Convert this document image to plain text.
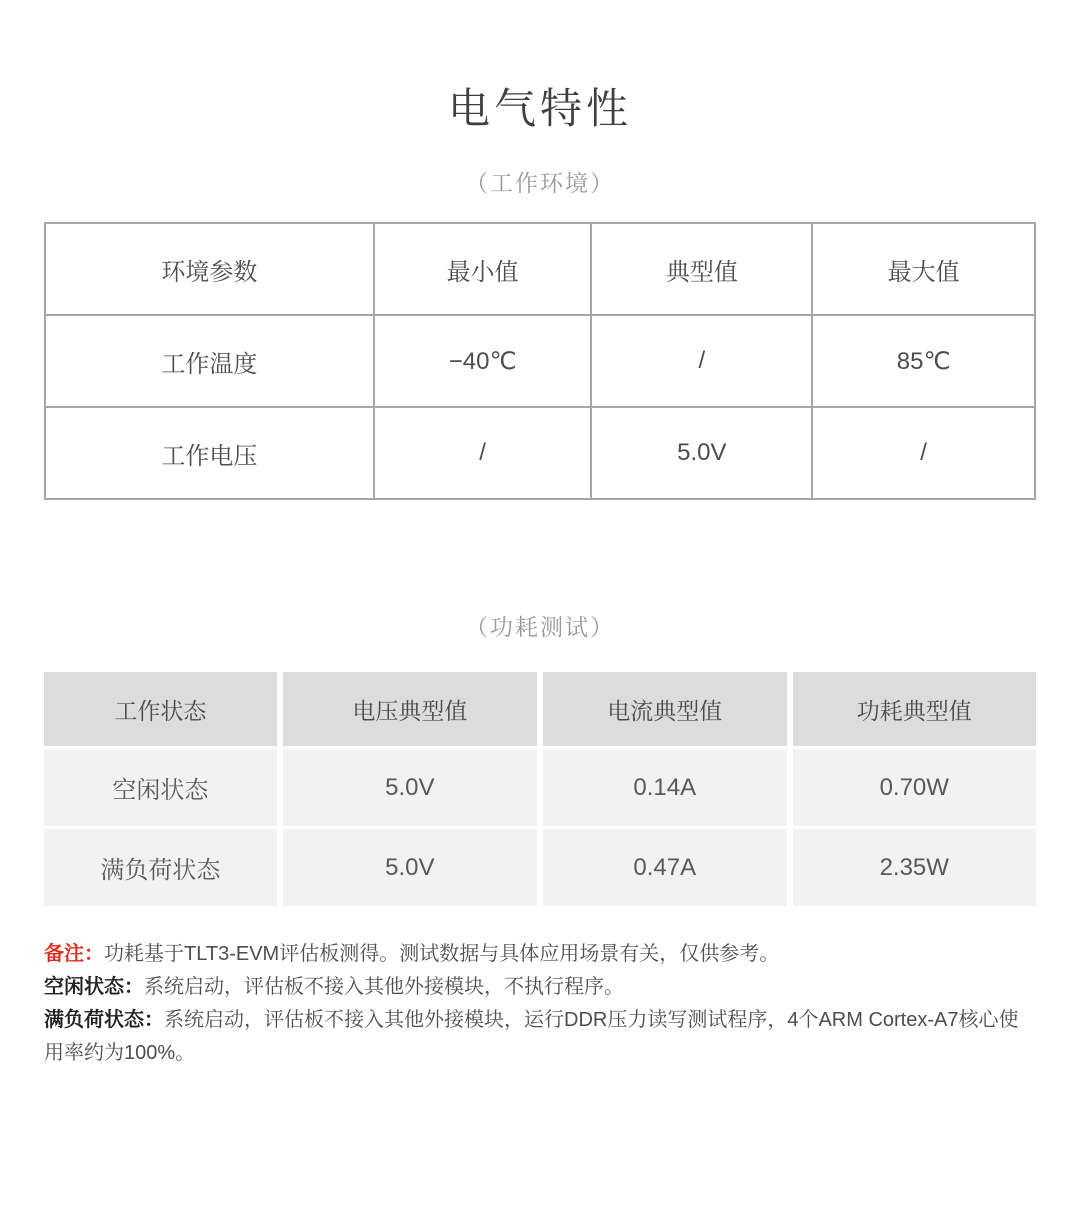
电气特性
（工作环境）
环境参数	最小值	典型值	最大值
工作温度	−40℃	/	85℃
工作电压	/	5.0V	/
（功耗测试）
工作状态	电压典型值	电流典型值	功耗典型值
空闲状态	5.0V	0.14A	0.70W
满负荷状态	5.0V	0.47A	2.35W

备注：功耗基于TLT3-EVM评估板测得。测试数据与具体应用场景有关，仅供参考。

空闲状态：系统启动，评估板不接入其他外接模块，不执行程序。

满负荷状态：系统启动，评估板不接入其他外接模块，运行DDR压力读写测试程序，4个ARM Cortex-A7核心使用率约为100%。
